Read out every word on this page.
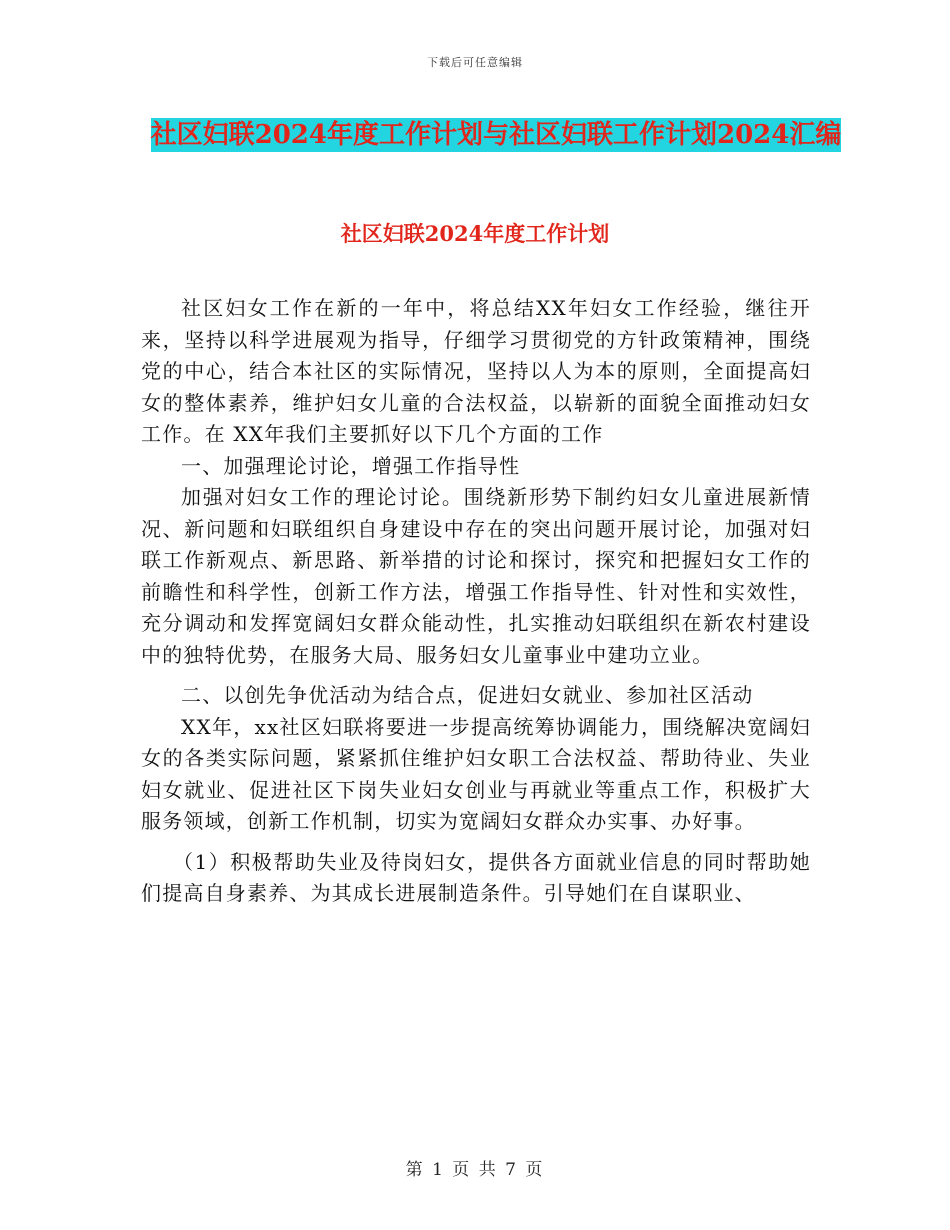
下载后可任意编辑
社区妇联2024年度工作计划与社区妇联工作计划2024汇编
社区妇联2024年度工作计划

社区妇女工作在新的一年中，将总结XX年妇女工作经验，继往开来，坚持以科学进展观为指导，仔细学习贯彻党的方针政策精神，围绕党的中心，结合本社区的实际情况，坚持以人为本的原则，全面提高妇女的整体素养，维护妇女儿童的合法权益，以崭新的面貌全面推动妇女工作。在 XX年我们主要抓好以下几个方面的工作

一、加强理论讨论，增强工作指导性

加强对妇女工作的理论讨论。围绕新形势下制约妇女儿童进展新情况、新问题和妇联组织自身建设中存在的突出问题开展讨论，加强对妇联工作新观点、新思路、新举措的讨论和探讨，探究和把握妇女工作的前瞻性和科学性，创新工作方法，增强工作指导性、针对性和实效性，充分调动和发挥宽阔妇女群众能动性，扎实推动妇联组织在新农村建设中的独特优势，在服务大局、服务妇女儿童事业中建功立业。

二、以创先争优活动为结合点，促进妇女就业、参加社区活动

XX年，xx社区妇联将要进一步提高统筹协调能力，围绕解决宽阔妇女的各类实际问题，紧紧抓住维护妇女职工合法权益、帮助待业、失业妇女就业、促进社区下岗失业妇女创业与再就业等重点工作，积极扩大服务领域，创新工作机制，切实为宽阔妇女群众办实事、办好事。

（1）积极帮助失业及待岗妇女，提供各方面就业信息的同时帮助她们提高自身素养、为其成长进展制造条件。引导她们在自谋职业、

第 1 页 共 7 页
